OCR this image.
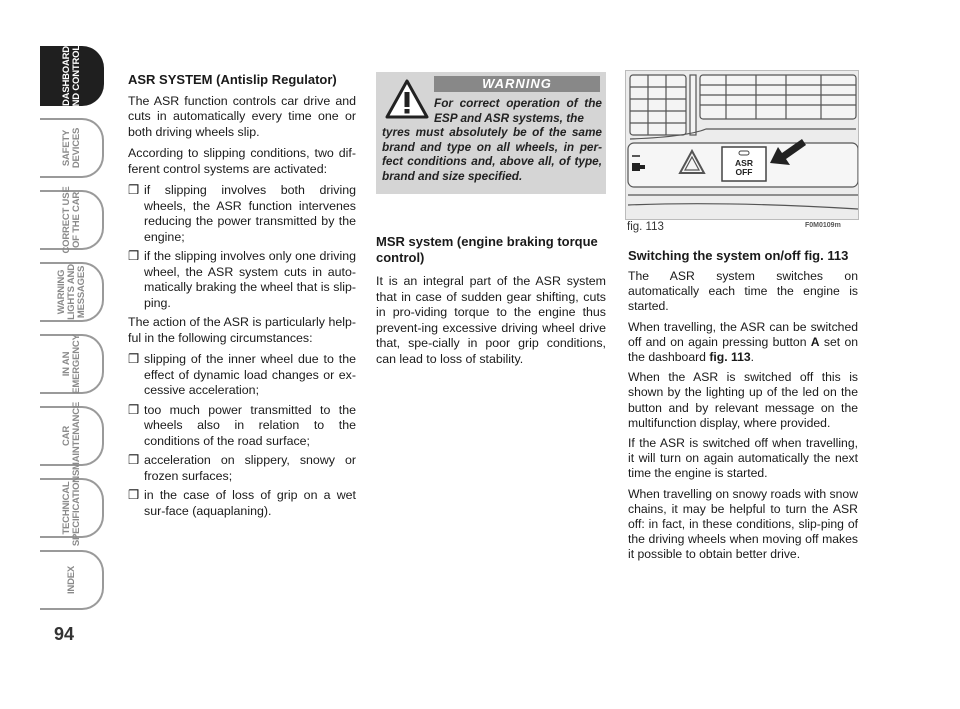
DASHBOARD
AND CONTROLS
SAFETY
DEVICES
CORRECT USE
OF THE CAR
WARNING
LIGHTS AND
MESSAGES
IN AN
EMERGENCY
CAR
MAINTENANCE
TECHNICAL
SPECIFICATIONS
INDEX
94
ASR SYSTEM (Antislip Regulator)

The ASR function controls car drive and cuts in automatically every time one or both driving wheels slip.

According to slipping conditions, two dif-ferent control systems are activated:

❒ if slipping involves both driving wheels, the ASR function intervenes reducing the power transmitted by the engine;
❒ if the slipping involves only one driving wheel, the ASR system cuts in auto-matically braking the wheel that is slip-ping.

The action of the ASR is particularly help-ful in the following circumstances:

❒ slipping of the inner wheel due to the effect of dynamic load changes or ex-cessive acceleration;
❒ too much power transmitted to the wheels also in relation to the conditions of the road surface;
❒ acceleration on slippery, snowy or frozen surfaces;
❒ in the case of loss of grip on a wet sur-face (aquaplaning).
WARNING
For correct operation of the ESP and ASR systems, the
tyres must absolutely be of the same brand and type on all wheels, in per-fect conditions and, above all, of type, brand and size specified.
MSR system (engine braking torque control)

It is an integral part of the ASR system that in case of sudden gear shifting, cuts in pro-viding torque to the engine thus prevent-ing excessive driving wheel drive that, spe-cially in poor grip conditions, can lead to loss of stability.

ASR
OFF
fig. 113	F0M0109m
Switching the system on/off fig. 113

The ASR system switches on automatically each time the engine is started.

When travelling, the ASR can be switched off and on again pressing button A set on the dashboard fig. 113.

When the ASR is switched off this is shown by the lighting up of the led on the button and by relevant message on the multifunction display, where provided.

If the ASR is switched off when travelling, it will turn on again automatically the next time the engine is started.

When travelling on snowy roads with snow chains, it may be helpful to turn the ASR off: in fact, in these conditions, slip-ping of the driving wheels when moving off makes it possible to obtain better drive.
